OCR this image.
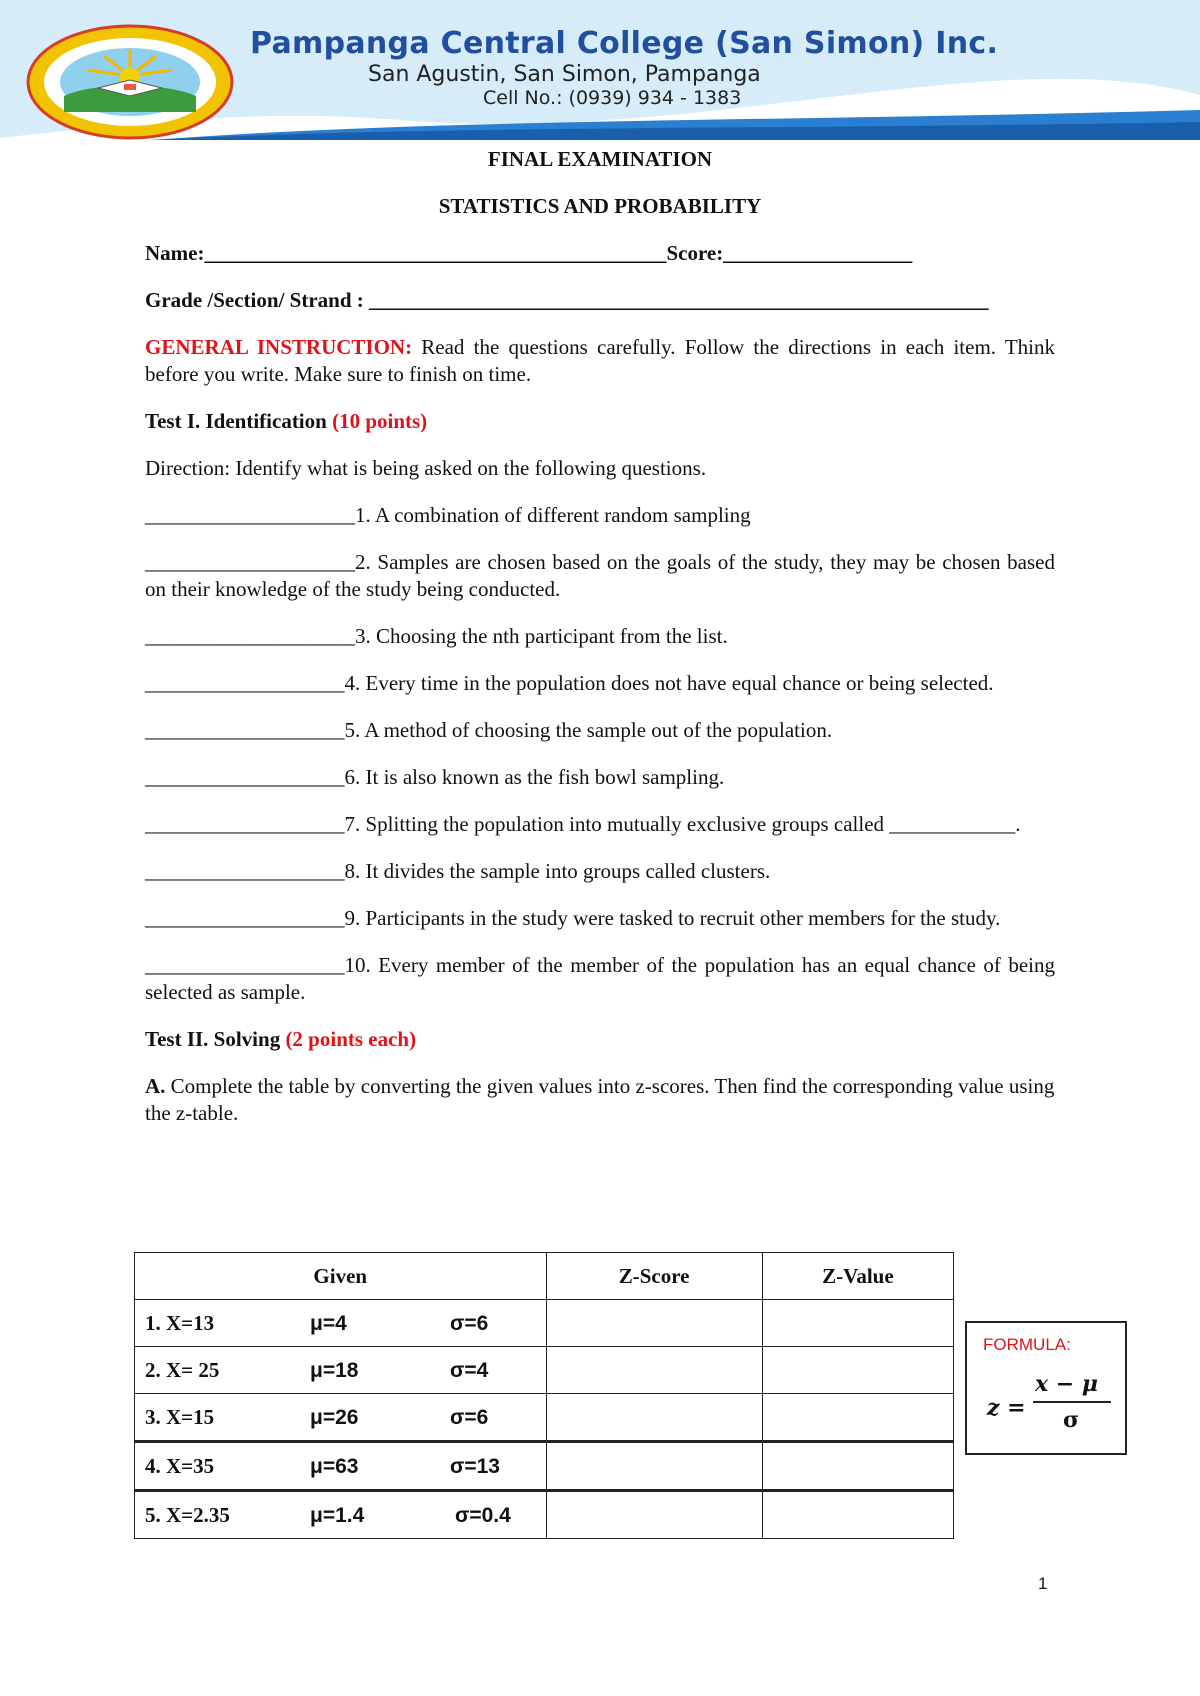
Pampanga Central College (San Simon) Inc.
San Agustin, San Simon, Pampanga
Cell No.: (0939) 934 - 1383
FINAL EXAMINATION
STATISTICS AND PROBABILITY
Name:____________________________________________Score:__________________
Grade /Section/ Strand : ___________________________________________________________
GENERAL INSTRUCTION: Read the questions carefully. Follow the directions in each item. Think before you write. Make sure to finish on time.
Test I. Identification (10 points)
Direction: Identify what is being asked on the following questions.
____________________1. A combination of different random sampling
____________________2. Samples are chosen based on the goals of the study, they may be chosen based on their knowledge of the study being conducted.
____________________3. Choosing the nth participant from the list.
___________________4. Every time in the population does not have equal chance or being selected.
___________________5. A method of choosing the sample out of the population.
___________________6. It is also known as the fish bowl sampling.
___________________7. Splitting the population into mutually exclusive groups called ____________.
___________________8. It divides the sample into groups called clusters.
___________________9. Participants in the study were tasked to recruit other members for the study.
___________________10. Every member of the member of the population has an equal chance of being selected as sample.
Test II. Solving (2 points each)
A. Complete the table by converting the given values into z-scores. Then find the corresponding value using the z-table.
Given	Z-Score	Z-Value
1. X=13 μ=4 σ=6		
2. X= 25 μ=18 σ=4		
3. X=15 μ=26 σ=6		
4. X=35 μ=63 σ=13		
5. X=2.35 μ=1.4 σ=0.4		
FORMULA:
z =
x − μ
σ
1
